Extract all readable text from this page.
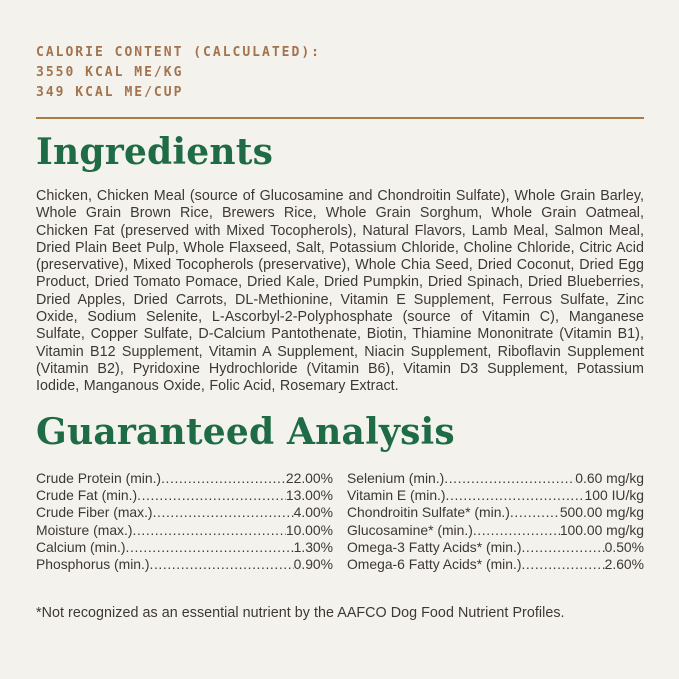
CALORIE CONTENT (CALCULATED):
3550 KCAL ME/KG
349 KCAL ME/CUP
Ingredients

Chicken, Chicken Meal (source of Glucosamine and Chondroitin Sulfate), Whole Grain Barley, Whole Grain Brown Rice, Brewers Rice, Whole Grain Sorghum, Whole Grain Oatmeal, Chicken Fat (preserved with Mixed Tocopherols), Natural Flavors, Lamb Meal, Salmon Meal, Dried Plain Beet Pulp, Whole Flaxseed, Salt, Potassium Chloride, Choline Chloride, Citric Acid (preservative), Mixed Tocopherols (preservative), Whole Chia Seed, Dried Coconut, Dried Egg Product, Dried Tomato Pomace, Dried Kale, Dried Pumpkin, Dried Spinach, Dried Blueberries, Dried Apples, Dried Carrots, DL-Methionine, Vitamin E Supplement, Ferrous Sulfate, Zinc Oxide, Sodium Selenite, L-Ascorbyl-2-Polyphosphate (source of Vitamin C), Manganese Sulfate, Copper Sulfate, D-Calcium Pantothenate, Biotin, Thiamine Mononitrate (Vitamin B1), Vitamin B12 Supplement, Vitamin A Supplement, Niacin Supplement, Riboflavin Supplement (Vitamin B2), Pyridoxine Hydrochloride (Vitamin B6), Vitamin D3 Supplement, Potassium Iodide, Manganous Oxide, Folic Acid, Rosemary Extract.

Guaranteed Analysis
Crude Protein (min.) .....	22.00%
Crude Fat (min.) .....	13.00%
Crude Fiber (max.) .....	4.00%
Moisture (max.) .....	10.00%
Calcium (min.) .....	1.30%
Phosphorus (min.) .....	0.90%
Selenium (min.) .....	0.60 mg/kg
Vitamin E (min.) .....	100 IU/kg
Chondroitin Sulfate* (min.) .....	500.00 mg/kg
Glucosamine* (min.) .....	100.00 mg/kg
Omega-3 Fatty Acids* (min.) .....	0.50%
Omega-6 Fatty Acids* (min.) .....	2.60%

*Not recognized as an essential nutrient by the AAFCO Dog Food Nutrient Profiles.
